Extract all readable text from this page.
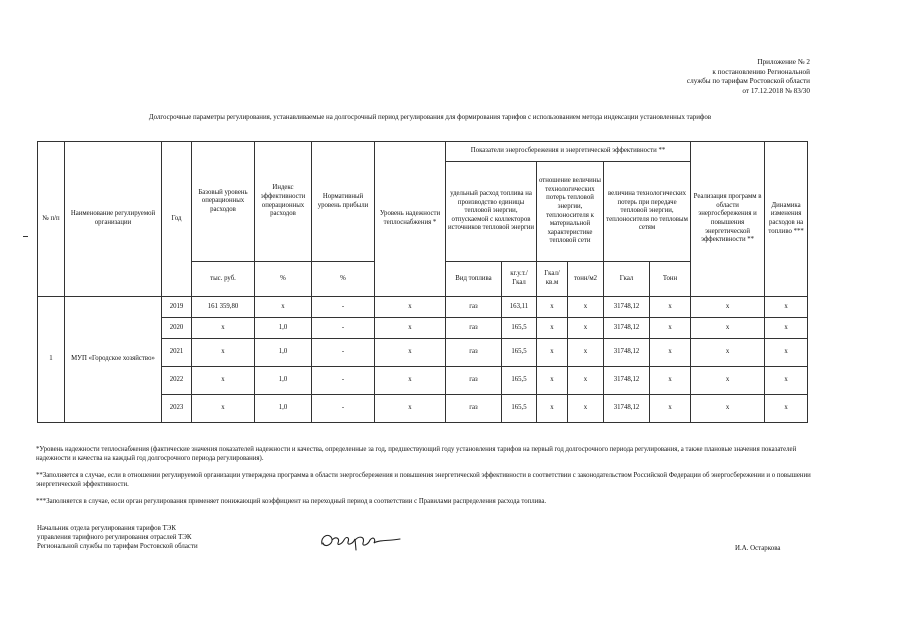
Приложение № 2
к постановлению Региональной
службы по тарифам Ростовской области
от 17.12.2018 № 83/30
Долгосрочные параметры регулирования, устанавливаемые на долгосрочный период регулирования для формирования тарифов с использованием метода индексации установленных тарифов
№ п/п	Наименование регулируемой организации	Год	Базовый уровень операционных расходов	Индекс эффективности операционных расходов	Нормативный уровень прибыли	Уровень надежности теплоснабжения *	Показатели энергосбережения и энергетической эффективности **						Реализация программ в области энергосбережения и повышения энергетической эффективности **	Динамика изменения расходов на топливо ***
							удельный расход топлива на производство единицы тепловой энергии, отпускаемой с коллекторов источников тепловой энергии		отношение величины технологических потерь тепловой энергии, теплоносителя к материальной характеристике тепловой сети		величина технологических потерь при передаче тепловой энергии, теплоносителя по тепловым сетям			
			тыс. руб.	%	%		Вид топлива	кг.у.т./ Гкал	Гкал/ кв.м	тонн/м2	Гкал	Тонн		
1	МУП «Городское хозяйство»	2019	161 359,80	х	-	х	газ	163,11	х	х	31748,12	х	х	х
		2020	х	1,0	-	х	газ	165,5	х	х	31748,12	х	х	х
		2021	х	1,0	-	х	газ	165,5	х	х	31748,12	х	х	х
		2022	х	1,0	-	х	газ	165,5	х	х	31748,12	х	х	х
		2023	х	1,0	-	х	газ	165,5	х	х	31748,12	х	х	х

*Уровень надежности теплоснабжения (фактические значения показателей надежности и качества, определенные за год, предшествующий году установления тарифов на первый год долгосрочного периода регулирования, а также плановые значения показателей надежности и качества на каждый год долгосрочного периода регулирования).

**Заполняется в случае, если в отношении регулируемой организации утверждена программа в области энергосбережения и повышения энергетической эффективности в соответствии с законодательством Российской Федерации об энергосбережении и о повышении энергетической эффективности.

***Заполняется в случае, если орган регулирования применяет понижающий коэффициент на переходный период в соответствии с Правилами распределения расхода топлива.

Начальник отдела регулирования тарифов ТЭК
управления тарифного регулирования отраслей ТЭК
Региональной службы по тарифам Ростовской области	И.А. Остаркова
